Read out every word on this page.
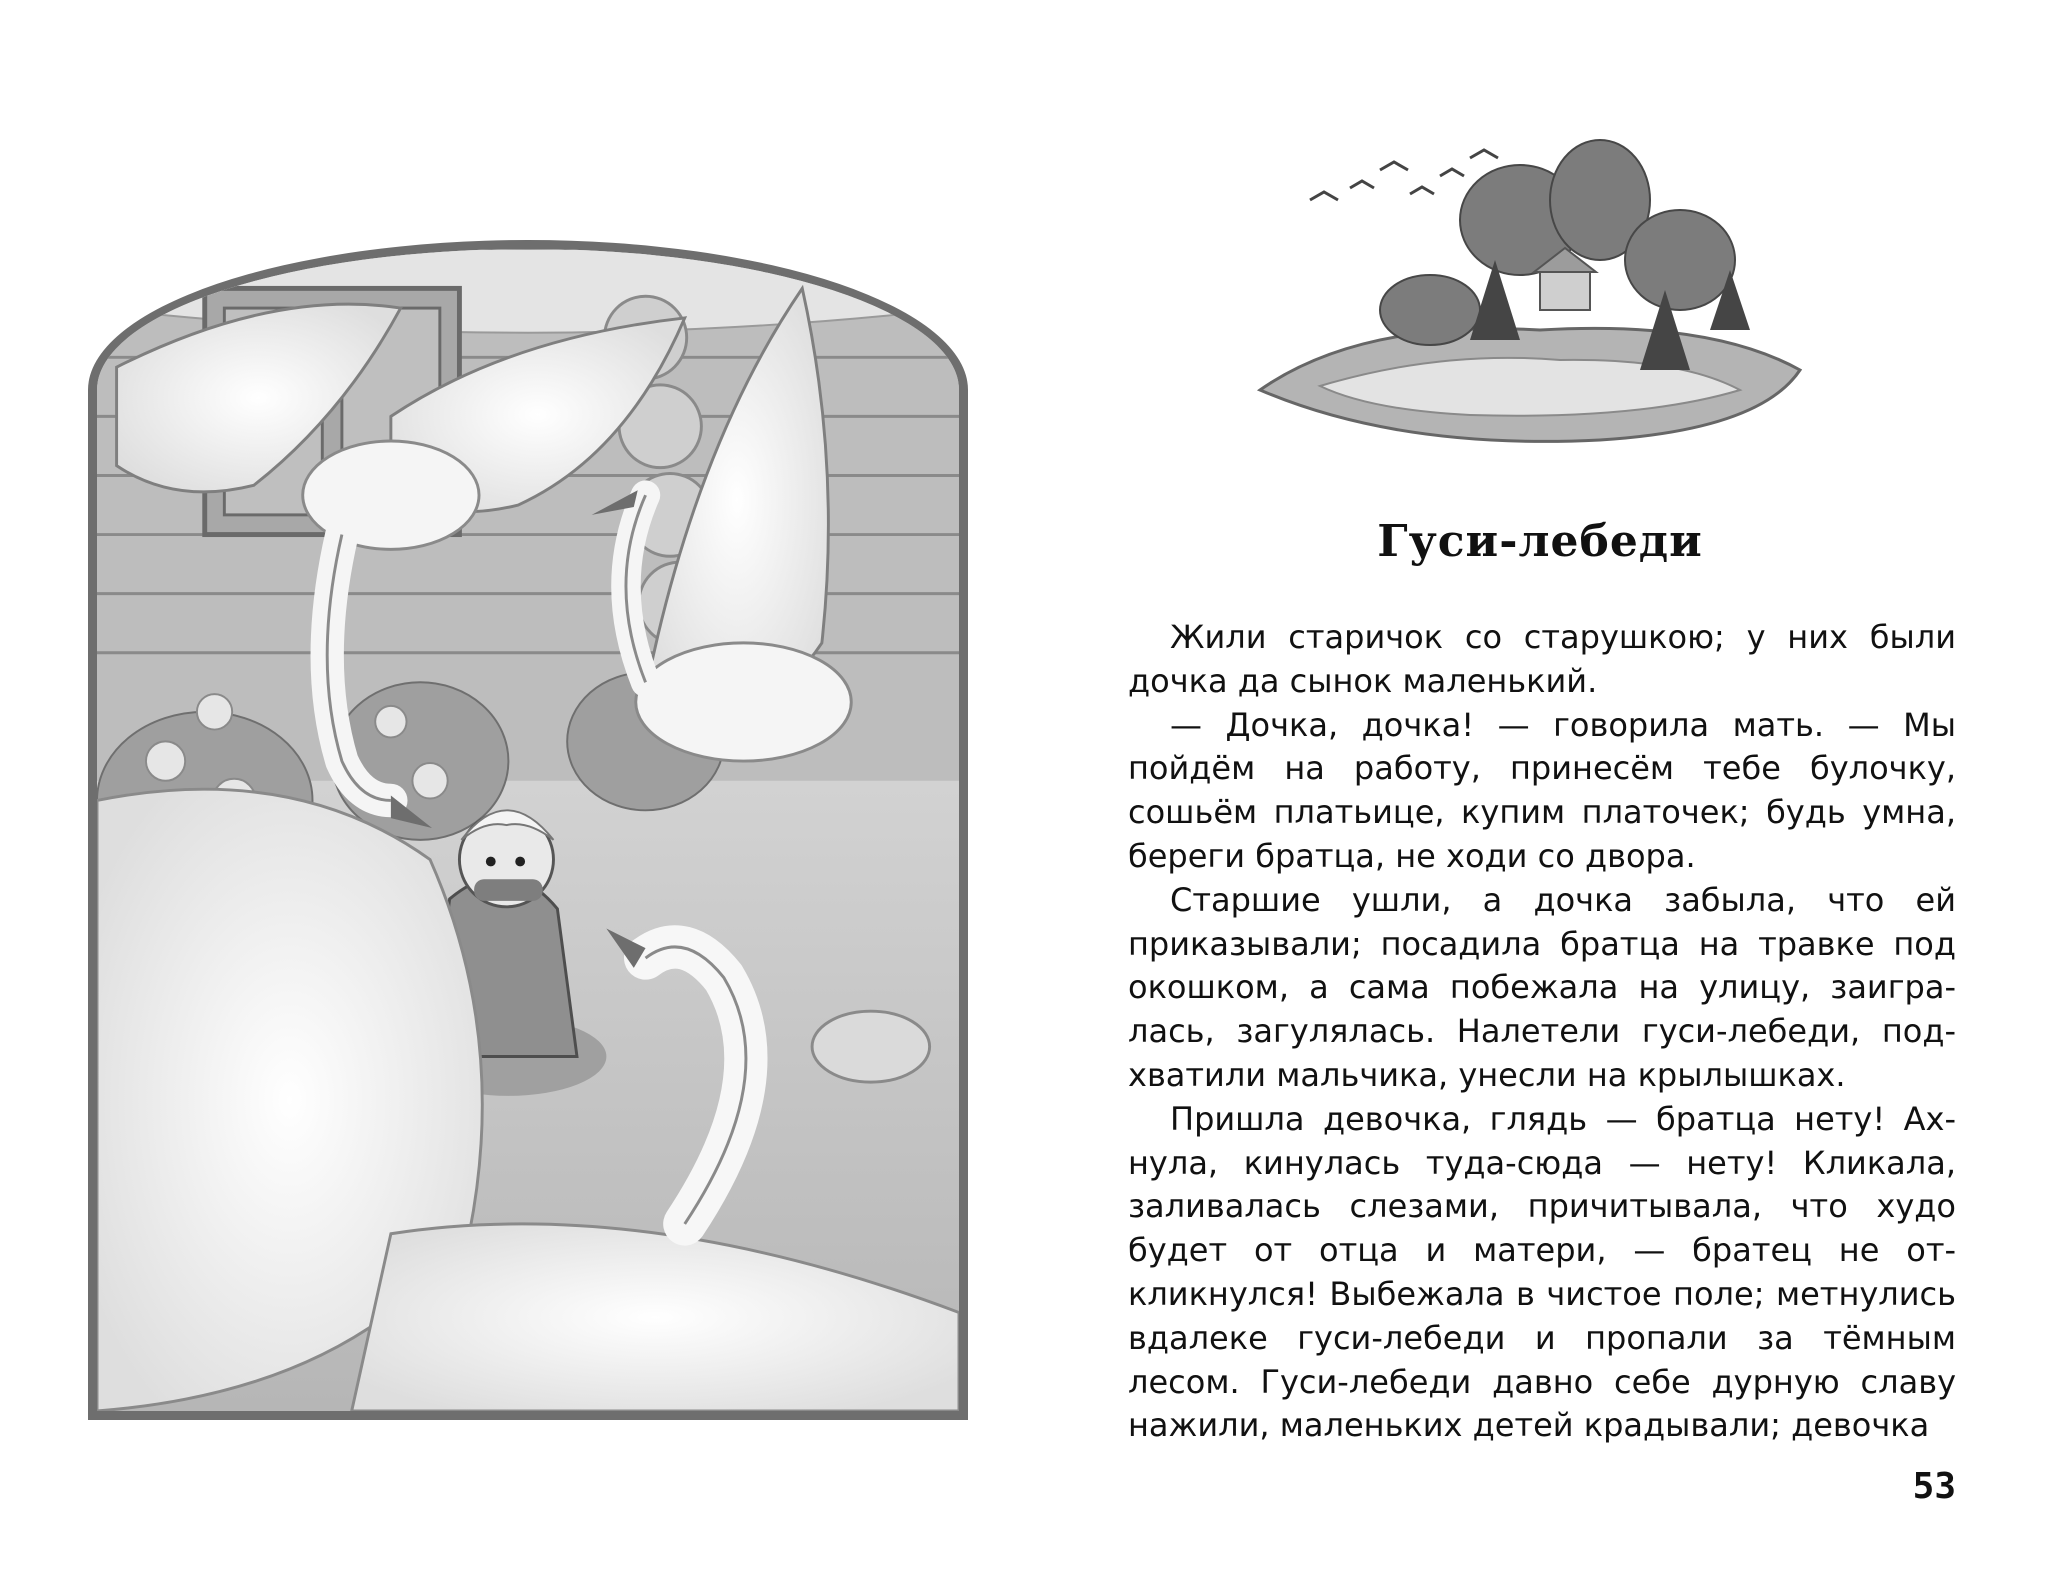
Гуси-лебеди

Жили старичок со старушкою; у них были дочка да сынок маленький.

— Дочка, дочка! — говорила мать. — Мы пойдём на работу, принесём тебе булочку, сошьём платьице, купим платочек; будь умна, береги братца, не ходи со двора.

Старшие ушли, а дочка забыла, что ей приказывали; посадила братца на травке под окошком, а сама побежала на улицу, заигралась, загулялась. Налетели гуси-лебеди, подхватили мальчика, унесли на крылышках.

Пришла девочка, глядь — братца нету! Ахнула, кинулась туда-сюда — нету! Кликала, заливалась слезами, причитывала, что худо будет от отца и матери, — братец не откликнулся! Выбежала в чистое поле; метнулись вдалеке гуси-лебеди и пропали за тёмным лесом. Гуси-лебеди давно себе дурную славу нажили, маленьких детей крадывали; девочка

53
